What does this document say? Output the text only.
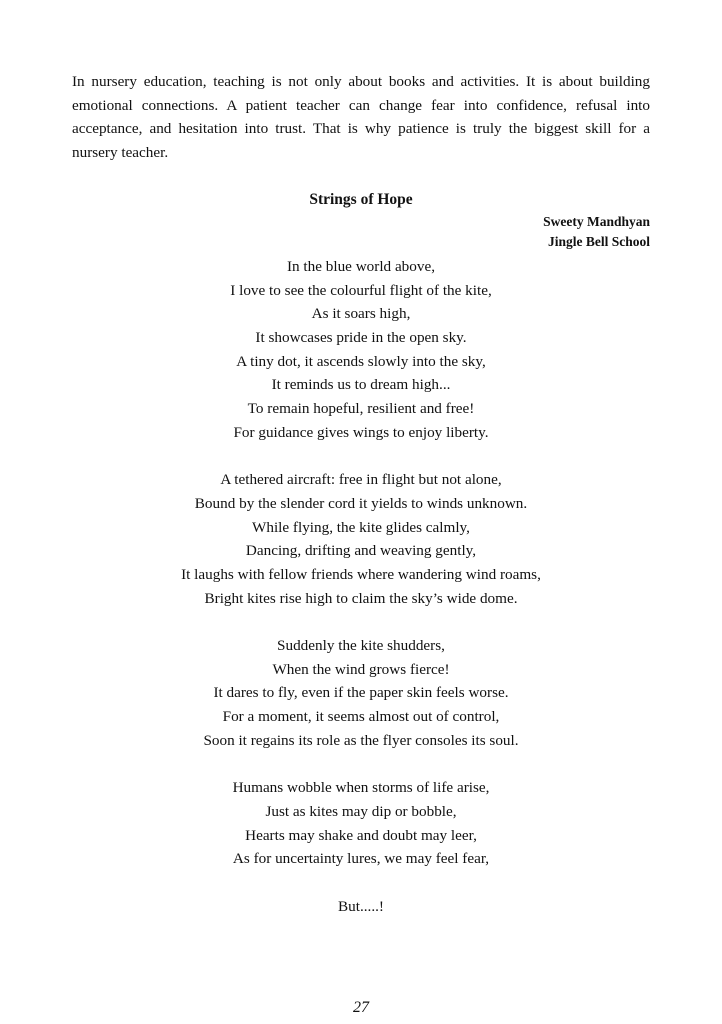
In nursery education, teaching is not only about books and activities. It is about building emotional connections. A patient teacher can change fear into confidence, refusal into acceptance, and hesitation into trust. That is why patience is truly the biggest skill for a nursery teacher.

Strings of Hope

Sweety Mandhyan

Jingle Bell School

In the blue world above,
I love to see the colourful flight of the kite,
As it soars high,
It showcases pride in the open sky.
A tiny dot, it ascends slowly into the sky,
It reminds us to dream high...
To remain hopeful, resilient and free!
For guidance gives wings to enjoy liberty.
A tethered aircraft: free in flight but not alone,
Bound by the slender cord it yields to winds unknown.
While flying, the kite glides calmly,
Dancing, drifting and weaving gently,
It laughs with fellow friends where wandering wind roams,
Bright kites rise high to claim the sky’s wide dome.
Suddenly the kite shudders,
When the wind grows fierce!
It dares to fly, even if the paper skin feels worse.
For a moment, it seems almost out of control,
Soon it regains its role as the flyer consoles its soul.
Humans wobble when storms of life arise,
Just as kites may dip or bobble,
Hearts may shake and doubt may leer,
As for uncertainty lures, we may feel fear,
But.....!

27
